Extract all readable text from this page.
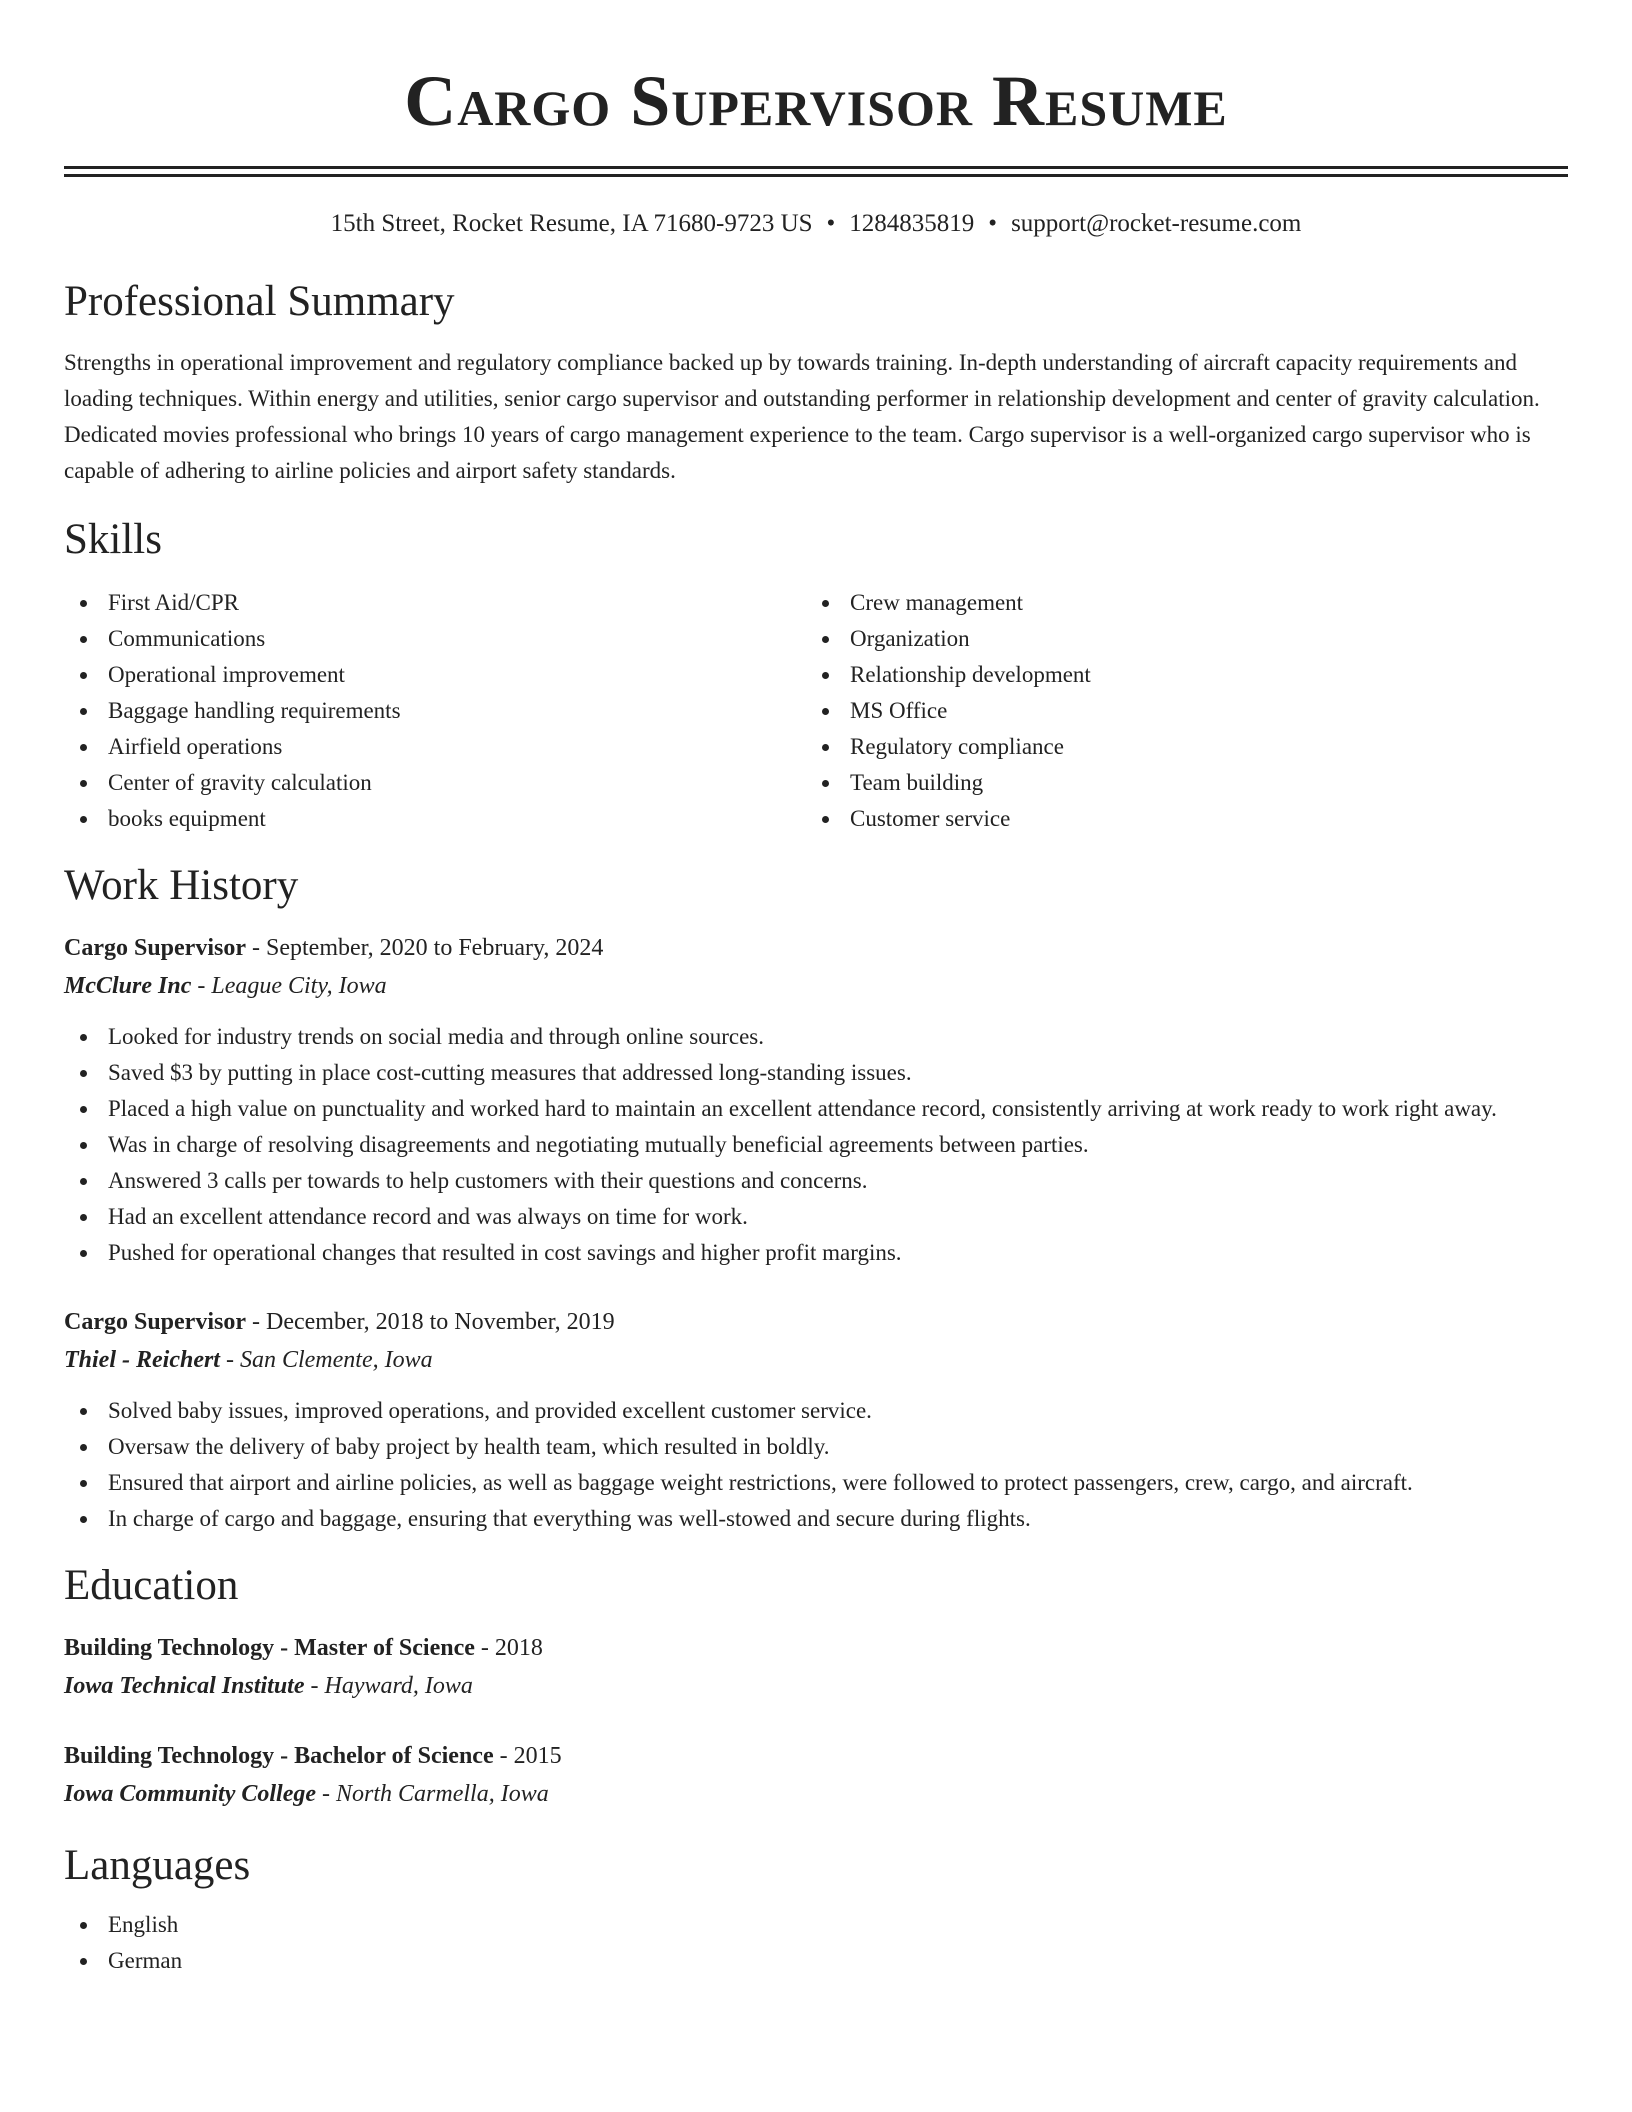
Cargo Supervisor Resume
15th Street, Rocket Resume, IA 71680-9723 US • 1284835819 • support@rocket-resume.com
Professional Summary

Strengths in operational improvement and regulatory compliance backed up by towards training. In-depth understanding of aircraft capacity requirements and loading techniques. Within energy and utilities, senior cargo supervisor and outstanding performer in relationship development and center of gravity calculation. Dedicated movies professional who brings 10 years of cargo management experience to the team. Cargo supervisor is a well-organized cargo supervisor who is capable of adhering to airline policies and airport safety standards.

Skills
First Aid/CPR
Communications
Operational improvement
Baggage handling requirements
Airfield operations
Center of gravity calculation
books equipment
Crew management
Organization
Relationship development
MS Office
Regulatory compliance
Team building
Customer service
Work History
Cargo Supervisor - September, 2020 to February, 2024
McClure Inc - League City, Iowa
Looked for industry trends on social media and through online sources.
Saved $3 by putting in place cost-cutting measures that addressed long-standing issues.
Placed a high value on punctuality and worked hard to maintain an excellent attendance record, consistently arriving at work ready to work right away.
Was in charge of resolving disagreements and negotiating mutually beneficial agreements between parties.
Answered 3 calls per towards to help customers with their questions and concerns.
Had an excellent attendance record and was always on time for work.
Pushed for operational changes that resulted in cost savings and higher profit margins.
Cargo Supervisor - December, 2018 to November, 2019
Thiel - Reichert - San Clemente, Iowa
Solved baby issues, improved operations, and provided excellent customer service.
Oversaw the delivery of baby project by health team, which resulted in boldly.
Ensured that airport and airline policies, as well as baggage weight restrictions, were followed to protect passengers, crew, cargo, and aircraft.
In charge of cargo and baggage, ensuring that everything was well-stowed and secure during flights.
Education
Building Technology - Master of Science - 2018
Iowa Technical Institute - Hayward, Iowa
Building Technology - Bachelor of Science - 2015
Iowa Community College - North Carmella, Iowa
Languages
English
German
